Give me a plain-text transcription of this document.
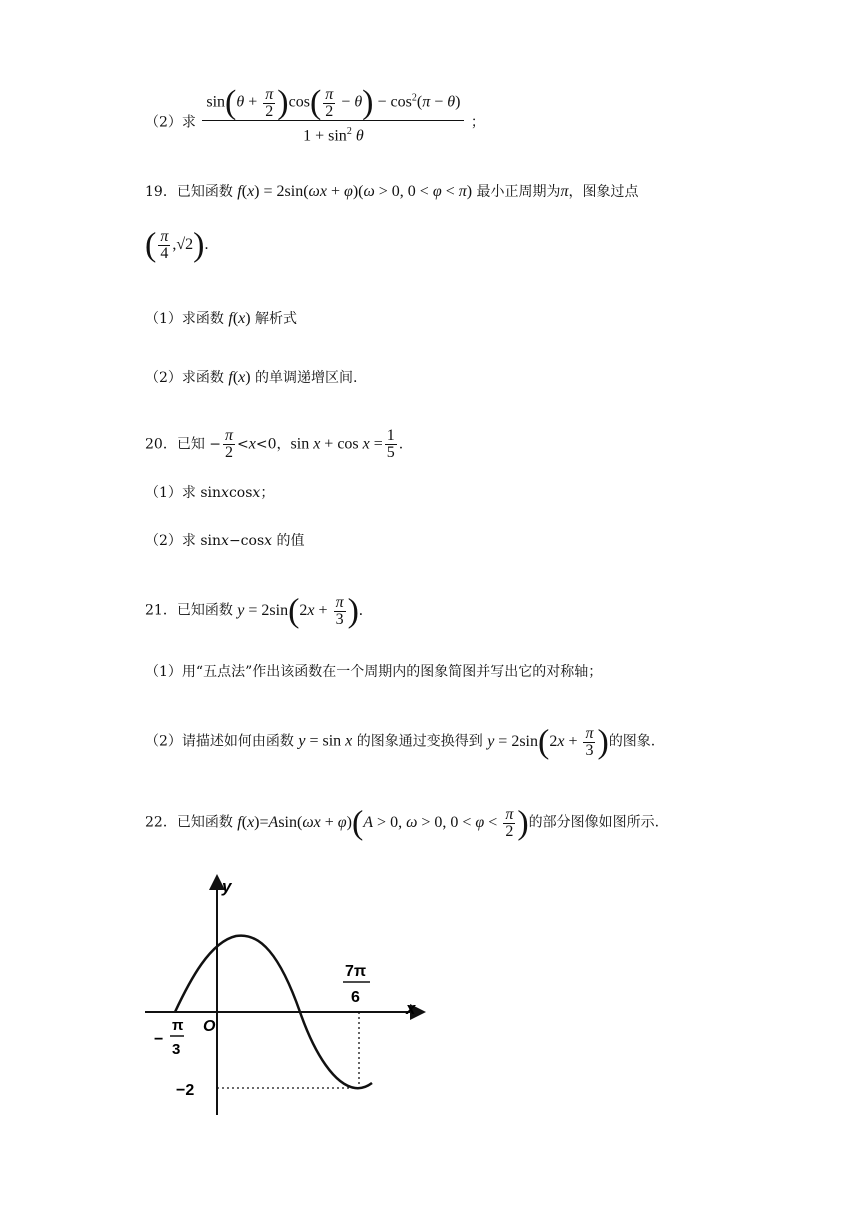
（2）求 $\frac{\sin(\theta + \frac{\pi}{2} )\cos( \frac{\pi}{2} - \theta) - \cos^2(\pi - \theta)}{1 + \sin^2 \theta}$ ；
19．已知函数 f(x) = 2sin(ωx + φ)(ω > 0, 0 < φ < π) 最小正周期为π，图象过点
( $\frac{\pi}{4} ,√2$).
（1）求函数 f(x) 解析式
（2）求函数 f(x) 的单调递增区间.
20．已知 − $\frac{\pi}{2} <x<0$，$\sin x + \cos x = \frac{1}{5}$ .
（1）求 sinxcosx；
（2）求 sinx−cosx 的值
21．已知函数 $y = 2\sin(2x + \frac{\pi}{3}$ ).
（1）用“五点法”作出该函数在一个周期内的图象简图并写出它的对称轴；
（2）请描述如何由函数 y = sin x 的图象通过变换得到 $y = 2\sin(2x + \frac{\pi}{3}$ )的图象.
22．已知函数 f(x)=Asin(ωx + φ)(A > 0, ω > 0, $0 < \varphi < \frac{\pi}{2}$ )的部分图像如图所示.
y
x
O
−
π
3
7π
6
−2
